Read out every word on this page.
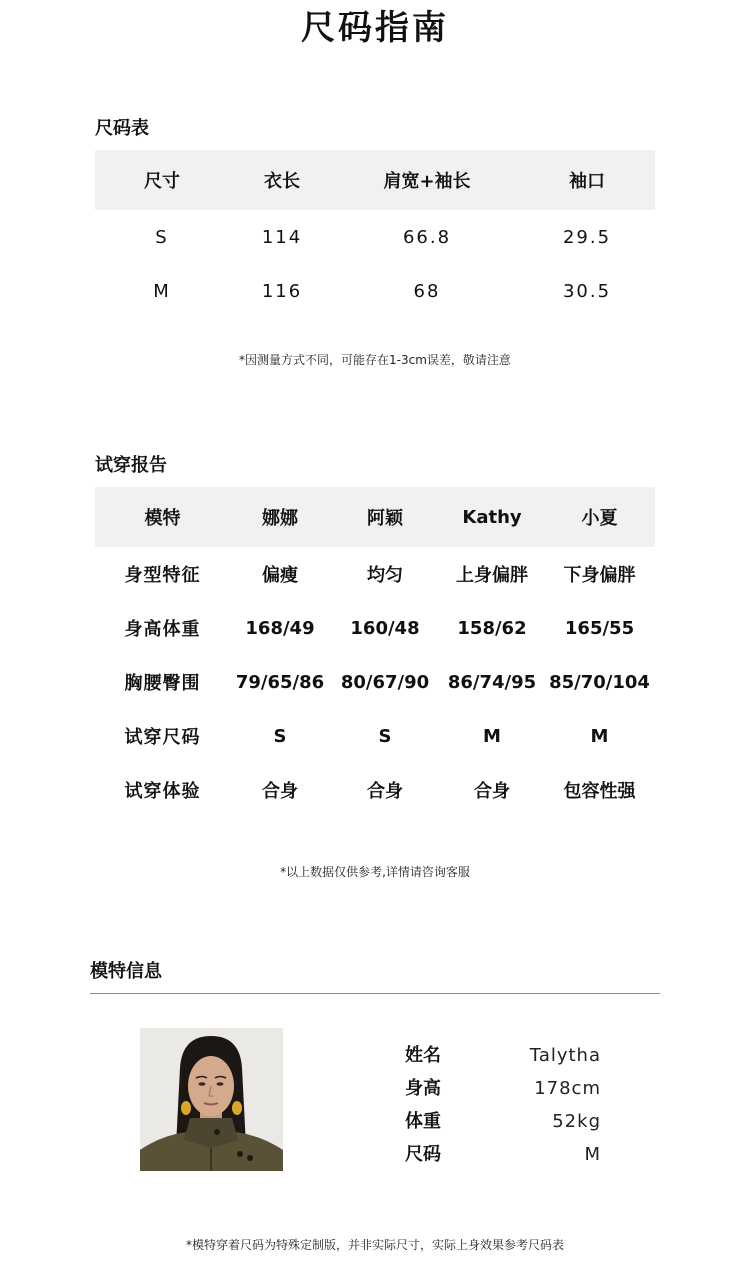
尺码指南
尺码表
尺寸	衣长	肩宽+袖长	袖口
S	114	66.8	29.5
M	116	68	30.5
*因测量方式不同，可能存在1-3cm误差，敬请注意
试穿报告
模特	娜娜	阿颖	Kathy	小夏
身型特征	偏瘦	均匀	上身偏胖	下身偏胖
身高体重	168/49	160/48	158/62	165/55
胸腰臀围	79/65/86	80/67/90	86/74/95	85/70/104
试穿尺码	S	S	M	M
试穿体验	合身	合身	合身	包容性强
*以上数据仅供参考,详情请咨询客服
模特信息
姓名	Talytha
身高	178cm
体重	52kg
尺码	M
*模特穿着尺码为特殊定制版，并非实际尺寸，实际上身效果参考尺码表
